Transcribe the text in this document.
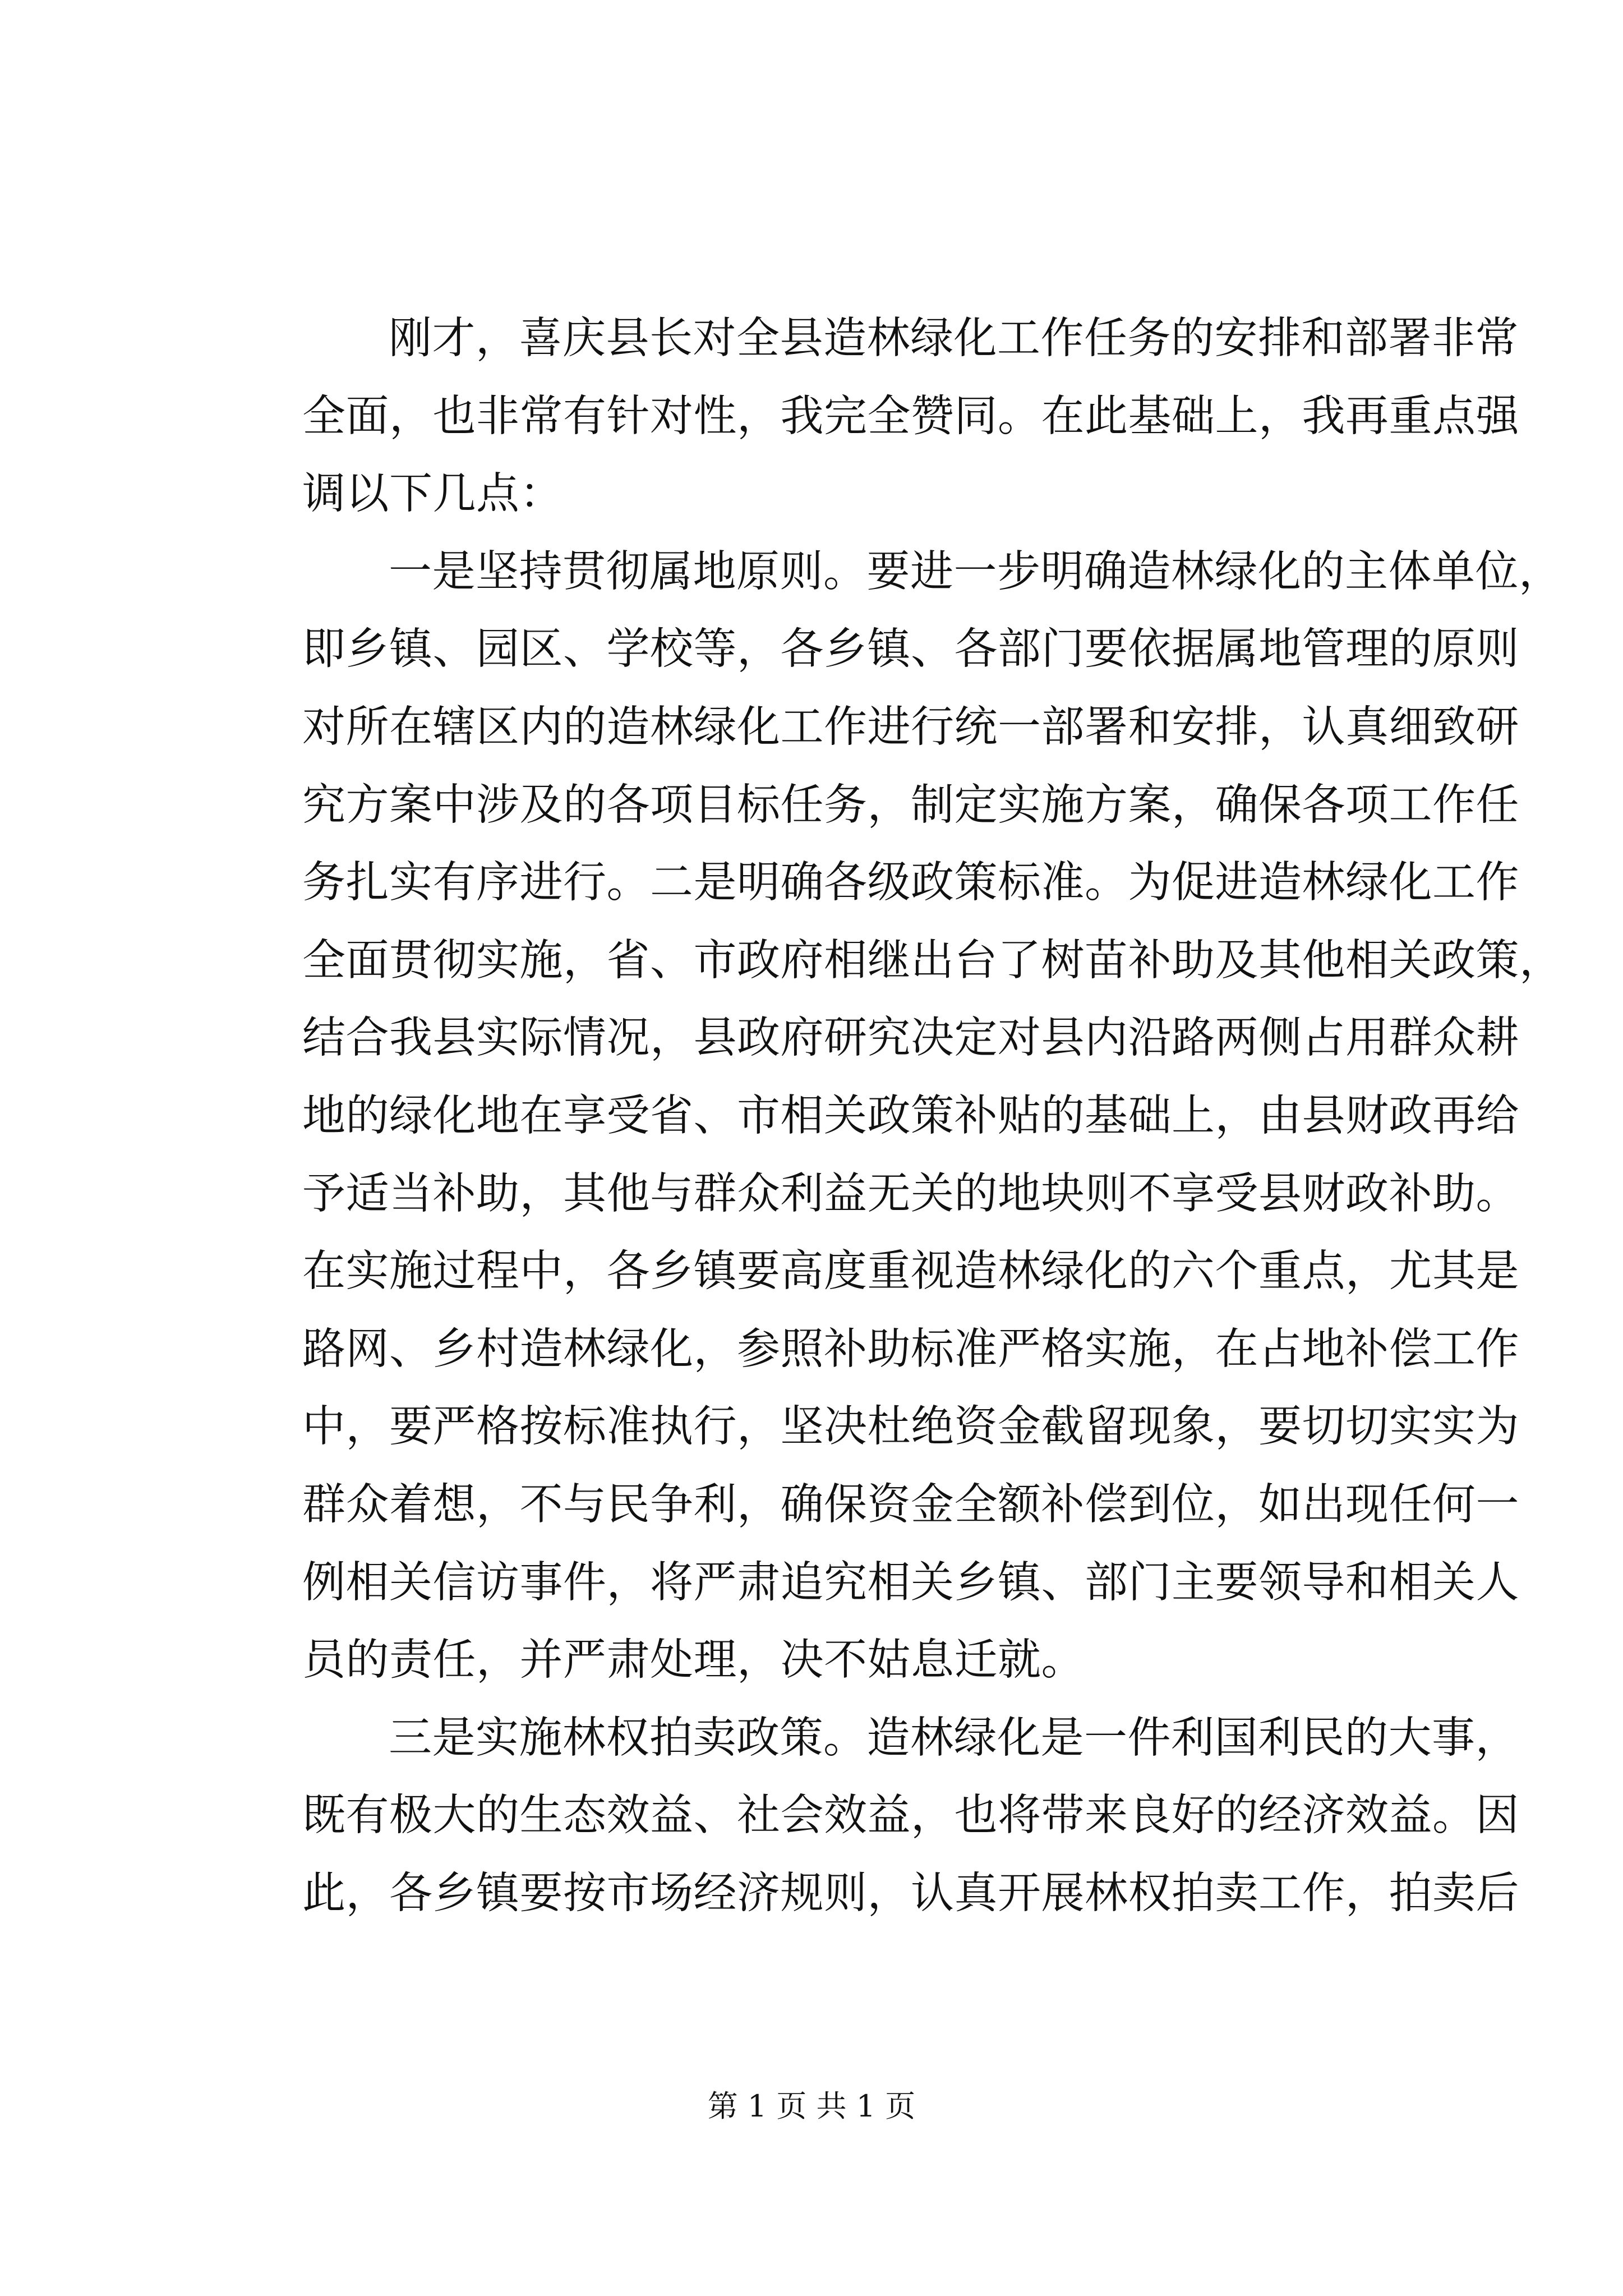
刚才，喜庆县长对全县造林绿化工作任务的安排和部署非常
全面，也非常有针对性，我完全赞同。在此基础上，我再重点强
调以下几点：
一是坚持贯彻属地原则。要进一步明确造林绿化的主体单位，
即乡镇、园区、学校等，各乡镇、各部门要依据属地管理的原则
对所在辖区内的造林绿化工作进行统一部署和安排，认真细致研
究方案中涉及的各项目标任务，制定实施方案，确保各项工作任
务扎实有序进行。二是明确各级政策标准。为促进造林绿化工作
全面贯彻实施，省、市政府相继出台了树苗补助及其他相关政策，
结合我县实际情况，县政府研究决定对县内沿路两侧占用群众耕
地的绿化地在享受省、市相关政策补贴的基础上，由县财政再给
予适当补助，其他与群众利益无关的地块则不享受县财政补助。
在实施过程中，各乡镇要高度重视造林绿化的六个重点，尤其是
路网、乡村造林绿化，参照补助标准严格实施，在占地补偿工作
中，要严格按标准执行，坚决杜绝资金截留现象，要切切实实为
群众着想，不与民争利，确保资金全额补偿到位，如出现任何一
例相关信访事件，将严肃追究相关乡镇、部门主要领导和相关人
员的责任，并严肃处理，决不姑息迁就。
三是实施林权拍卖政策。造林绿化是一件利国利民的大事，
既有极大的生态效益、社会效益，也将带来良好的经济效益。因
此，各乡镇要按市场经济规则，认真开展林权拍卖工作，拍卖后
第 1 页 共 1 页
